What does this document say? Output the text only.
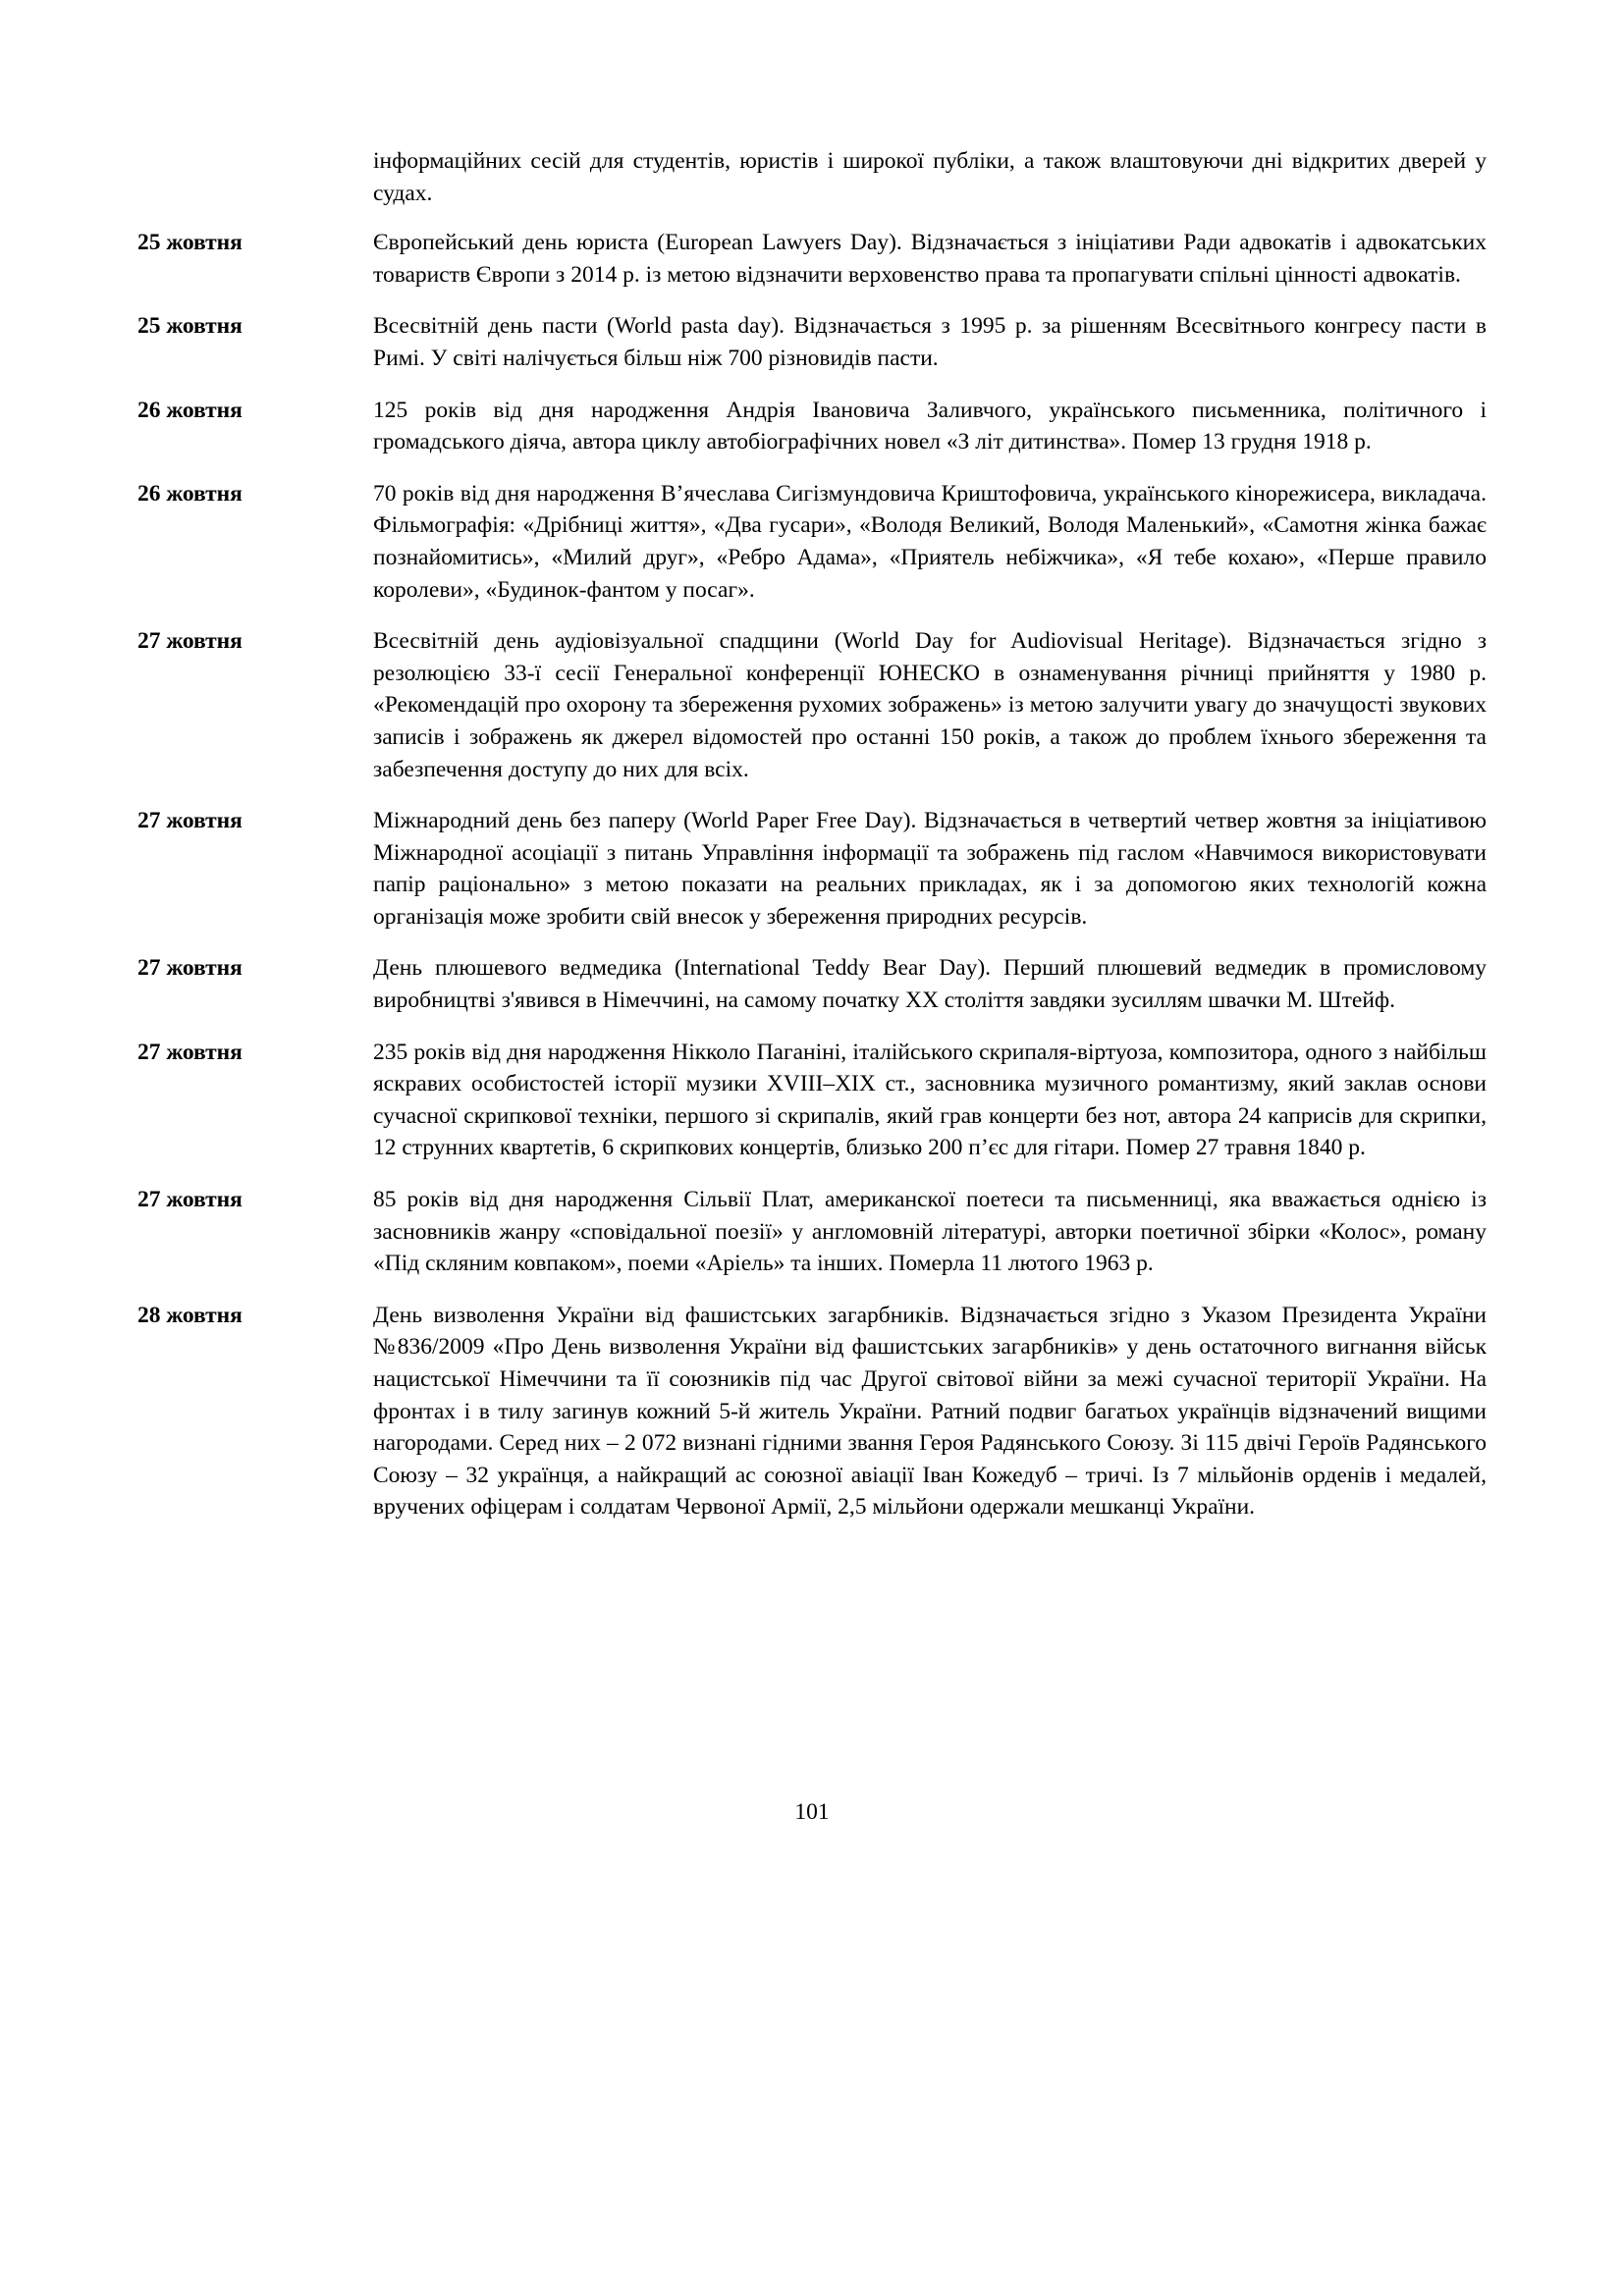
інформаційних сесій для студентів, юристів і широкої публіки, а також влаштовуючи дні відкритих дверей у судах.
25 жовтня	Європейський день юриста (European Lawyers Day). Відзначається з ініціативи Ради адвокатів і адвокатських товариств Європи з 2014 р. із метою відзначити верховенство права та пропагувати спільні цінності адвокатів.
25 жовтня	Всесвітній день пасти (World pasta day). Відзначається з 1995 р. за рішенням Всесвітнього конгресу пасти в Римі. У світі налічується більш ніж 700 різновидів пасти.
26 жовтня	125 років від дня народження Андрія Івановича Заливчого, українського письменника, політичного і громадського діяча, автора циклу автобіографічних новел «З літ дитинства». Помер 13 грудня 1918 р.
26 жовтня	70 років від дня народження В’ячеслава Сигізмундовича Криштофовича, українського кінорежисера, викладача. Фільмографія: «Дрібниці життя», «Два гусари», «Володя Великий, Володя Маленький», «Самотня жінка бажає познайомитись», «Милий друг», «Ребро Адама», «Приятель небіжчика», «Я тебе кохаю», «Перше правило королеви», «Будинок-фантом у посаг».
27 жовтня	Всесвітній день аудіовізуальної спадщини (World Day for Audiovisual Heritage). Відзначається згідно з резолюцією 33-ї сесії Генеральної конференції ЮНЕСКО в ознаменування річниці прийняття у 1980 р. «Рекомендацій про охорону та збереження рухомих зображень» із метою залучити увагу до значущості звукових записів і зображень як джерел відомостей про останні 150 років, а також до проблем їхнього збереження та забезпечення доступу до них для всіх.
27 жовтня	Міжнародний день без паперу (World Paper Free Day). Відзначається в четвертий четвер жовтня за ініціативою Міжнародної асоціації з питань Управління інформації та зображень під гаслом «Навчимося використовувати папір раціонально» з метою показати на реальних прикладах, як і за допомогою яких технологій кожна організація може зробити свій внесок у збереження природних ресурсів.
27 жовтня	День плюшевого ведмедика (International Teddy Bear Day). Перший плюшевий ведмедик в промисловому виробництві з'явився в Німеччині, на самому початку XX століття завдяки зусиллям швачки М. Штейф.
27 жовтня	235 років від дня народження Нікколо Паганіні, італійського скрипаля-віртуоза, композитора, одного з найбільш яскравих особистостей історії музики XVIII–XIX ст., засновника музичного романтизму, який заклав основи сучасної скрипкової техніки, першого зі скрипалів, який грав концерти без нот, автора 24 каприсів для скрипки, 12 струнних квартетів, 6 скрипкових концертів, близько 200 п’єс для гітари. Помер 27 травня 1840 р.
27 жовтня	85 років від дня народження Сільвії Плат, американскої поетеси та письменниці, яка вважається однією із засновників жанру «сповідальної поезії» у англомовній літературі, авторки поетичної збірки «Колос», роману «Під скляним ковпаком», поеми «Аріель» та інших. Померла 11 лютого 1963 р.
28 жовтня	День визволення України від фашистських загарбників. Відзначається згідно з Указом Президента України №836/2009 «Про День визволення України від фашистських загарбників» у день остаточного вигнання військ нацистської Німеччини та її союзників під час Другої світової війни за межі сучасної території України. На фронтах і в тилу загинув кожний 5-й житель України. Ратний подвиг багатьох українців відзначений вищими нагородами. Серед них – 2 072 визнані гідними звання Героя Радянського Союзу. Зі 115 двічі Героїв Радянського Союзу – 32 українця, а найкращий ас союзної авіації Іван Кожедуб – тричі. Із 7 мільйонів орденів і медалей, вручених офіцерам і солдатам Червоної Армії, 2,5 мільйони одержали мешканці України.
101
